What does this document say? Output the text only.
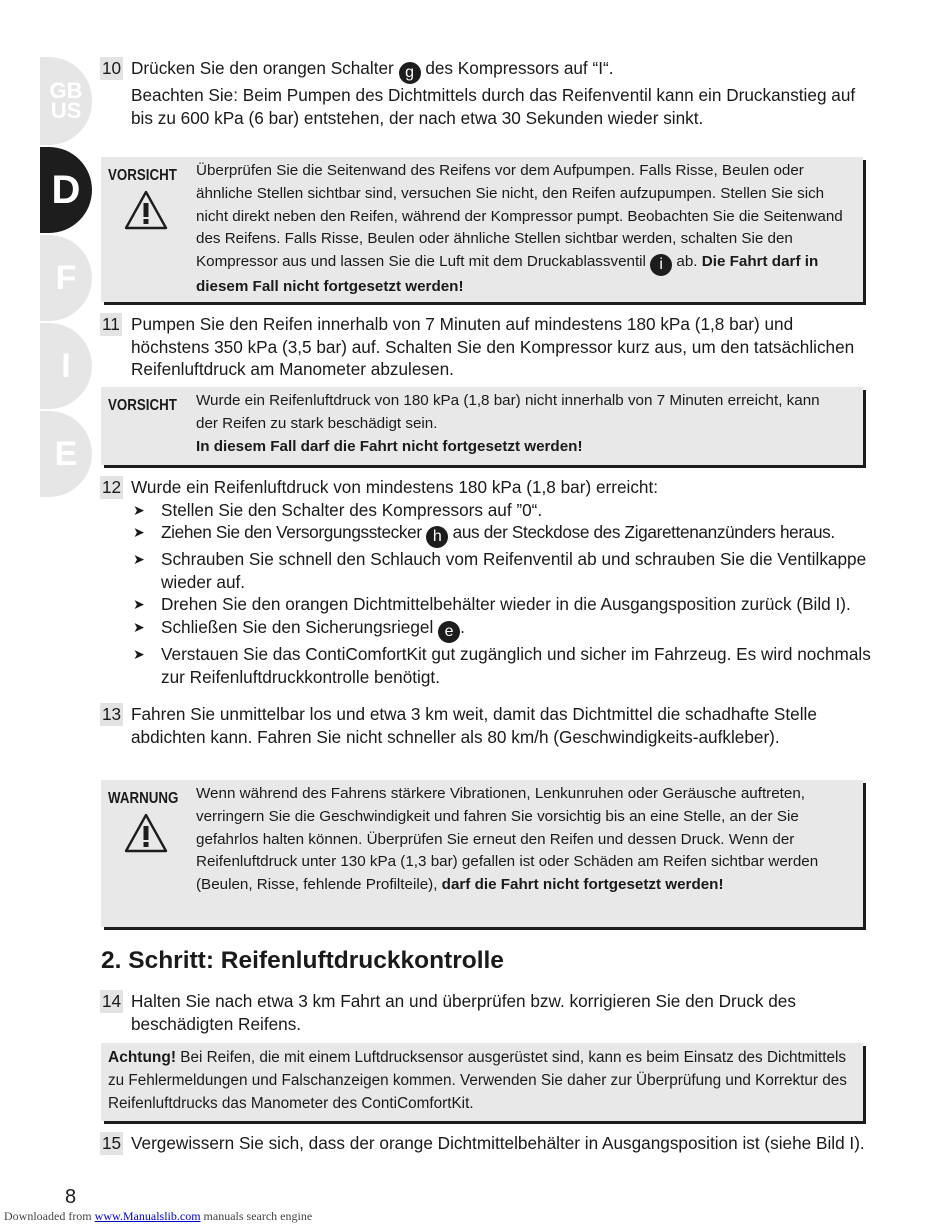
GB
US
D
F
I
E
10 Drücken Sie den orangen Schalter g des Kompressors auf “I“.
Beachten Sie: Beim Pumpen des Dichtmittels durch das Reifenventil kann ein Druckanstieg auf bis zu 600 kPa (6 bar) entstehen, der nach etwa 30 Sekunden wieder sinkt.
VORSICHT Überprüfen Sie die Seitenwand des Reifens vor dem Aufpumpen. Falls Risse, Beulen oder ähnliche Stellen sichtbar sind, versuchen Sie nicht, den Reifen aufzupumpen. Stellen Sie sich nicht direkt neben den Reifen, während der Kompressor pumpt. Beobachten Sie die Seitenwand des Reifens. Falls Risse, Beulen oder ähnliche Stellen sichtbar werden, schalten Sie den Kompressor aus und lassen Sie die Luft mit dem Druckablassventil i ab. Die Fahrt darf in diesem Fall nicht fortgesetzt werden!
11 Pumpen Sie den Reifen innerhalb von 7 Minuten auf mindestens 180 kPa (1,8 bar) und höchstens 350 kPa (3,5 bar) auf. Schalten Sie den Kompressor kurz aus, um den tatsächlichen Reifenluftdruck am Manometer abzulesen.
VORSICHT Wurde ein Reifenluftdruck von 180 kPa (1,8 bar) nicht innerhalb von 7 Minuten erreicht, kann der Reifen zu stark beschädigt sein.
In diesem Fall darf die Fahrt nicht fortgesetzt werden!
12 Wurde ein Reifenluftdruck von mindestens 180 kPa (1,8 bar) erreicht:
➤ Stellen Sie den Schalter des Kompressors auf ”0“.
➤ Ziehen Sie den Versorgungsstecker h aus der Steckdose des Zigarettenanzünders heraus.
➤ Schrauben Sie schnell den Schlauch vom Reifenventil ab und schrauben Sie die Ventilkappe wieder auf.
➤ Drehen Sie den orangen Dichtmittelbehälter wieder in die Ausgangsposition zurück (Bild I).
➤ Schließen Sie den Sicherungsriegel e .
➤ Verstauen Sie das ContiComfortKit gut zugänglich und sicher im Fahrzeug. Es wird nochmals zur Reifenluftdruckkontrolle benötigt.
13 Fahren Sie unmittelbar los und etwa 3 km weit, damit das Dichtmittel die schadhafte Stelle abdichten kann. Fahren Sie nicht schneller als 80 km/h (Geschwindigkeits-aufkleber).
WARNUNG Wenn während des Fahrens stärkere Vibrationen, Lenkunruhen oder Geräusche auftreten, verringern Sie die Geschwindigkeit und fahren Sie vorsichtig bis an eine Stelle, an der Sie gefahrlos halten können. Überprüfen Sie erneut den Reifen und dessen Druck. Wenn der Reifenluftdruck unter 130 kPa (1,3 bar) gefallen ist oder Schäden am Reifen sichtbar werden (Beulen, Risse, fehlende Profilteile), darf die Fahrt nicht fortgesetzt werden!
2. Schritt: Reifenluftdruckkontrolle
14 Halten Sie nach etwa 3 km Fahrt an und überprüfen bzw. korrigieren Sie den Druck des beschädigten Reifens.
Achtung! Bei Reifen, die mit einem Luftdrucksensor ausgerüstet sind, kann es beim Einsatz des Dichtmittels zu Fehlermeldungen und Falschanzeigen kommen. Verwenden Sie daher zur Überprüfung und Korrektur des Reifenluftdrucks das Manometer des ContiComfortKit.
15 Vergewissern Sie sich, dass der orange Dichtmittelbehälter in Ausgangsposition ist (siehe Bild I).
8
Downloaded from www.Manualslib.com manuals search engine
